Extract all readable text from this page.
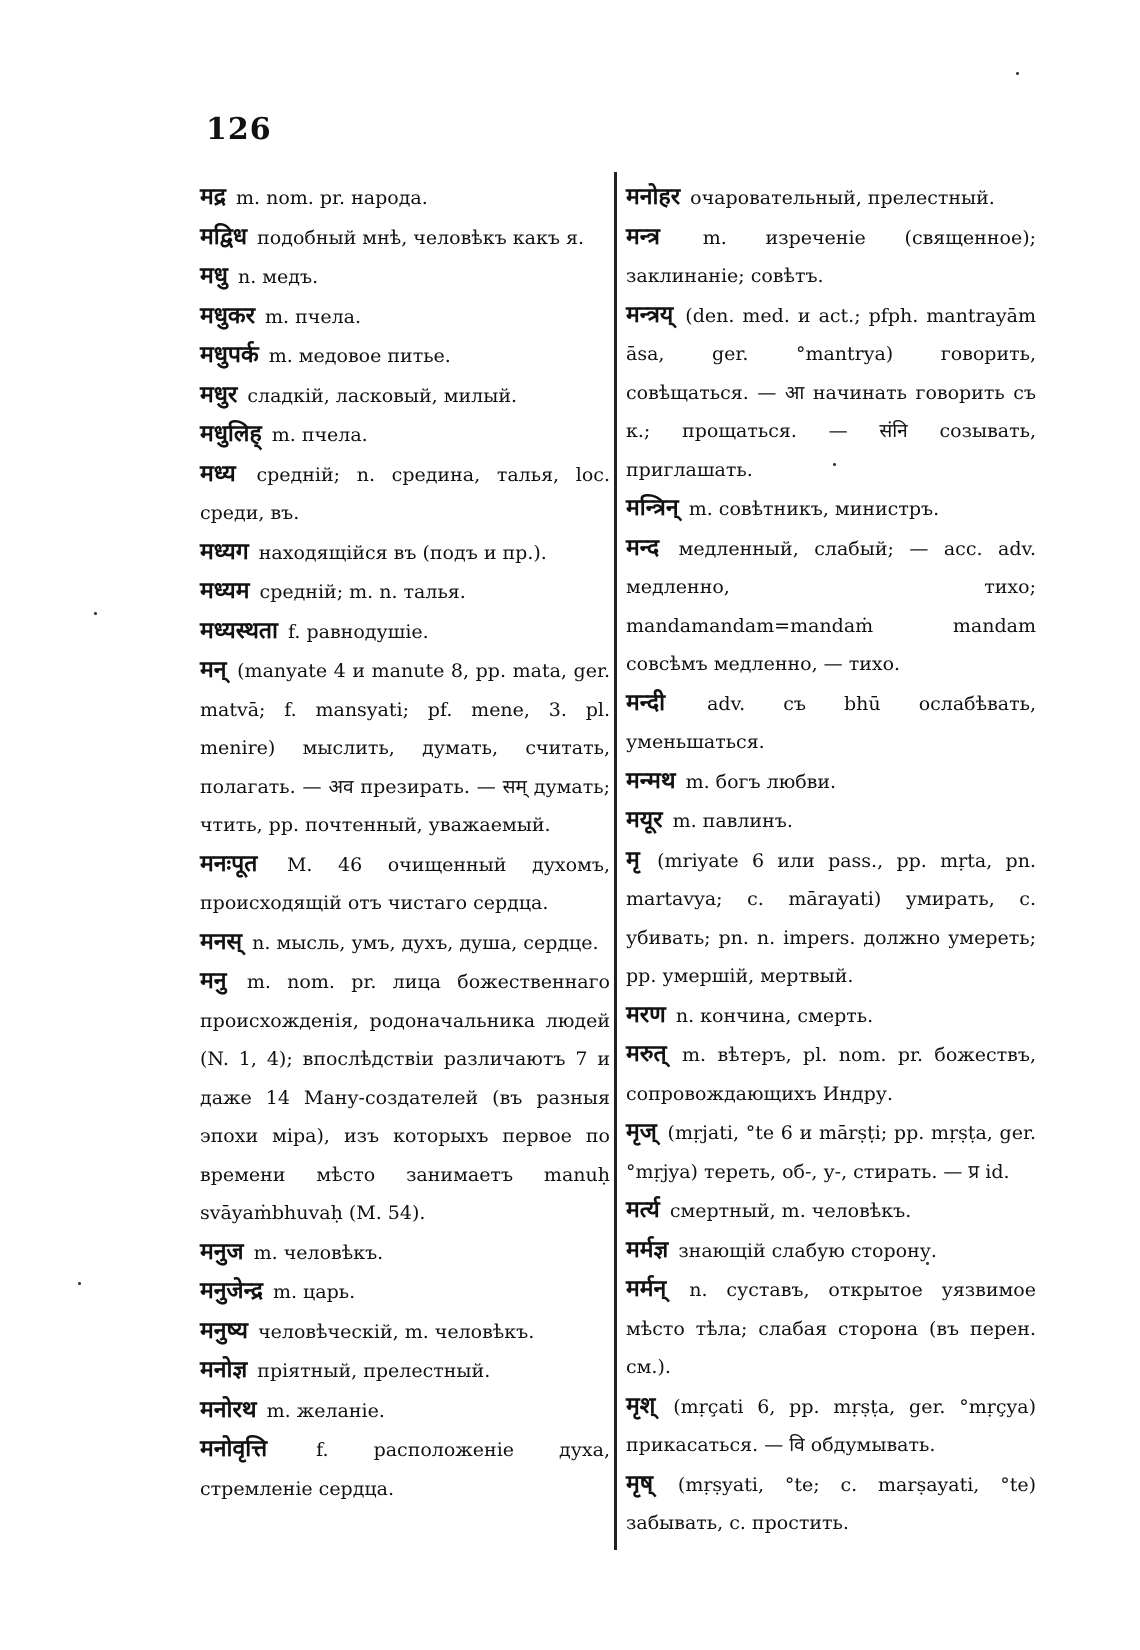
126
मद्र m. nom. pr. народа.
मद्विध подобный мнѣ, человѣкъ какъ я.
मधु n. медъ.
मधुकर m. пчела.
मधुपर्क m. медовое питье.
मधुर сладкій, ласковый, милый.
मधुलिह् m. пчела.
मध्य средній; n. средина, талья, loc. среди, въ.
मध्यग находящійся въ (подъ и пр.).
मध्यम средній; m. n. талья.
मध्यस्थता f. равнодушіе.
मन् (manyate 4 и manute 8, pp. mata, ger. matvā; f. mansyati; pf. mene, 3. pl. menire) мыслить, думать, считать, полагать. — अव презирать. — सम् думать; чтить, pp. почтенный, уважаемый.
मनःपूत M. 46 очищенный духомъ, происходящій отъ чистаго сердца.
मनस् n. мысль, умъ, духъ, душа, сердце.
मनु m. nom. pr. лица божественнаго происхожденія, родоначальника людей (N. 1, 4); впослѣдствіи различаютъ 7 и даже 14 Ману-создателей (въ разныя эпохи міра), изъ которыхъ первое по времени мѣсто занимаетъ manuḥ svāyaṁbhuvaḥ (M. 54).
मनुज m. человѣкъ.
मनुजेन्द्र m. царь.
मनुष्य человѣческій, m. человѣкъ.
मनोज्ञ пріятный, прелестный.
मनोरथ m. желаніе.
मनोवृत्ति	f. расположеніе духа, стремленіе сердца.
मनोहर очаровательный, прелестный.
मन्त्र m. изреченіе (священное); заклинаніе; совѣтъ.
मन्त्रय् (den. med. и act.; pfph. mantrayām āsa, ger. °mantrya) говорить, совѣщаться. — आ начинать говорить съ к.; прощаться. — संनि созывать, приглашать.
मन्त्रिन् m. совѣтникъ, министръ.
मन्द медленный, слабый; — acc. adv. медленно, тихо; mandamandam=mandaṁ mandam совсѣмъ медленно, — тихо.
मन्दी adv. съ bhū ослабѣвать, уменьшаться.
मन्मथ m. богъ любви.
मयूर m. павлинъ.
मृ (mriyate 6 или pass., pp. mṛta, pn. martavya; c. mārayati) умирать, c. убивать; pn. n. impers. должно умереть; pp. умершій, мертвый.
मरण n. кончина, смерть.
मरुत् m. вѣтеръ, pl. nom. pr. божествъ, сопровождающихъ Индру.
मृज् (mṛjati, °te 6 и mārṣṭi; pp. mṛṣṭa, ger. °mṛjya) тереть, об-, у-, стирать. — प्र id.
मर्त्य смертный, m. человѣкъ.
मर्मज्ञ знающій слабую сторону.
मर्मन् n. суставъ, открытое уязвимое мѣсто тѣла; слабая сторона (въ перен. см.).
मृश् (mṛçati 6, pp. mṛṣṭa, ger. °mṛçya) прикасаться. — वि обдумывать.
मृष् (mṛṣyati, °te; c. marṣayati, °te) забывать, c. простить.
